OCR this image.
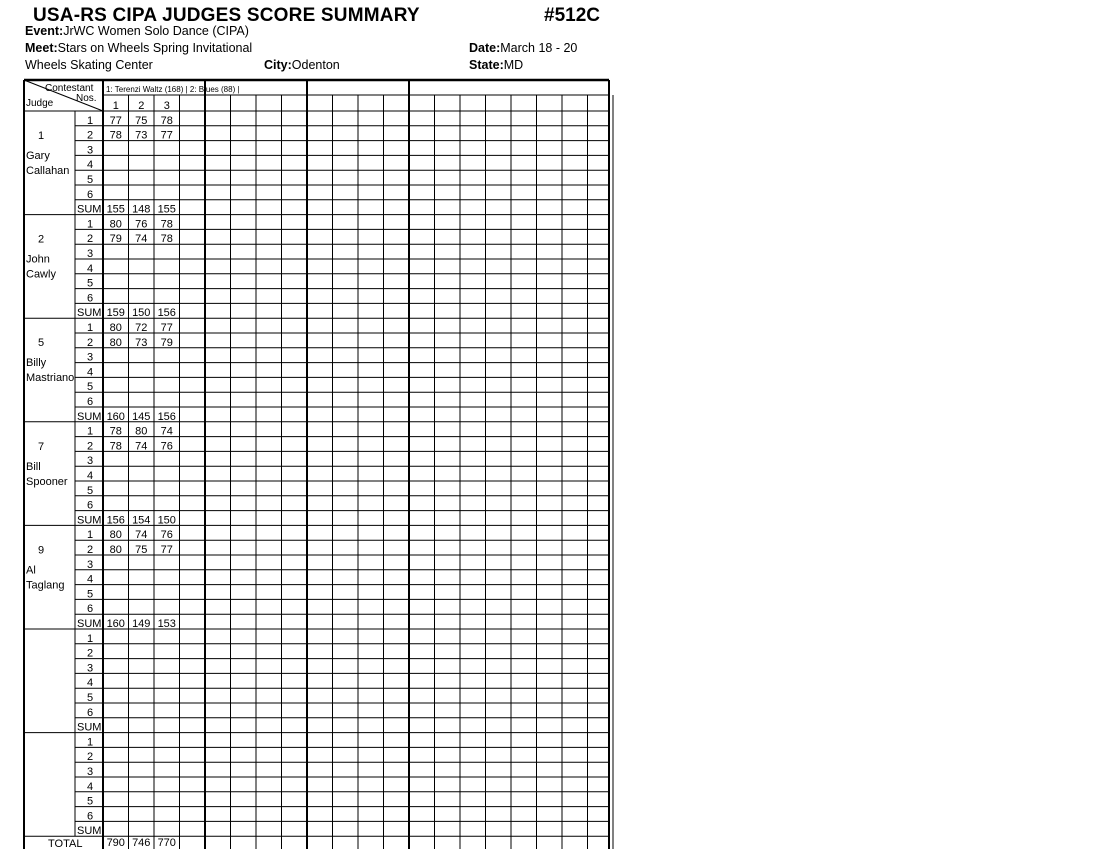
USA-RS CIPA JUDGES SCORE SUMMARY	#512C
Event:JrWC Women Solo Dance (CIPA)
Meet:Stars on Wheels Spring Invitational	Date:March 18 - 20
Wheels Skating Center	City:Odenton	State:MD
Contestant
Nos.
Judge
1: Terenzi Waltz (168) | 2: Blues (88) |
1 2 3
1
Gary
Callahan
1 77 75 78
2 78 73 77
3
4
5
6
SUM 155 148 155
2
John
Cawly
1 80 76 78
2 79 74 78
3
4
5
6
SUM 159 150 156
5
Billy
Mastriano
1 80 72 77
2 80 73 79
3
4
5
6
SUM 160 145 156
7
Bill
Spooner
1 78 80 74
2 78 74 76
3
4
5
6
SUM 156 154 150
9
Al
Taglang
1 80 74 76
2 80 75 77
3
4
5
6
SUM 160 149 153
1
2
3
4
5
6
SUM
1
2
3
4
5
6
SUM
TOTAL 790 746 770
